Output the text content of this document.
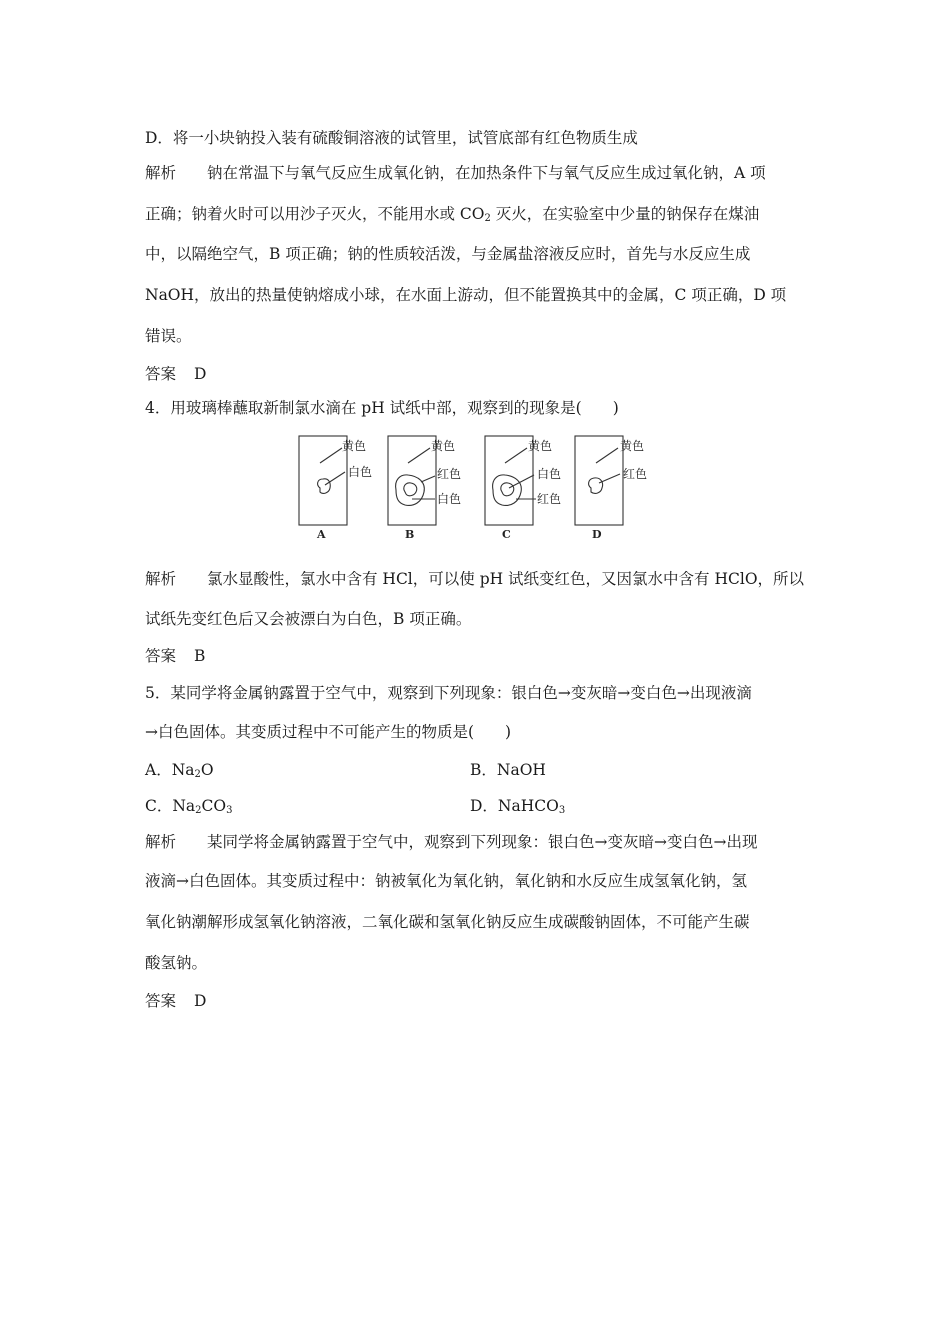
D．将一小块钠投入装有硫酸铜溶液的试管里，试管底部有红色物质生成
解析 钠在常温下与氧气反应生成氧化钠，在加热条件下与氧气反应生成过氧化钠，A 项
正确；钠着火时可以用沙子灭火，不能用水或 $CO_2$ 灭火，在实验室中少量的钠保存在煤油
中，以隔绝空气，B 项正确；钠的性质较活泼，与金属盐溶液反应时，首先与水反应生成
NaOH，放出的热量使钠熔成小球，在水面上游动，但不能置换其中的金属，C 项正确，D 项
错误。
答案 D
4．用玻璃棒蘸取新制氯水滴在 pH 试纸中部，观察到的现象是(　　)
黄色
白色
黄色
红色
白色
黄色
白色
红色
黄色
红色
A	B	C	D
解析 氯水显酸性，氯水中含有 HCl，可以使 pH 试纸变红色，又因氯水中含有 HClO，所以
试纸先变红色后又会被漂白为白色，B 项正确。
答案 B
5．某同学将金属钠露置于空气中，观察到下列现象：银白色→变灰暗→变白色→出现液滴
→白色固体。其变质过程中不可能产生的物质是(　　)
A．$Na_2O$	B．NaOH
C．$Na_2CO_3$	D．NaHCO$_3$
解析 某同学将金属钠露置于空气中，观察到下列现象：银白色→变灰暗→变白色→出现
液滴→白色固体。其变质过程中：钠被氧化为氧化钠，氧化钠和水反应生成氢氧化钠，氢
氧化钠潮解形成氢氧化钠溶液，二氧化碳和氢氧化钠反应生成碳酸钠固体，不可能产生碳
酸氢钠。
答案 D
